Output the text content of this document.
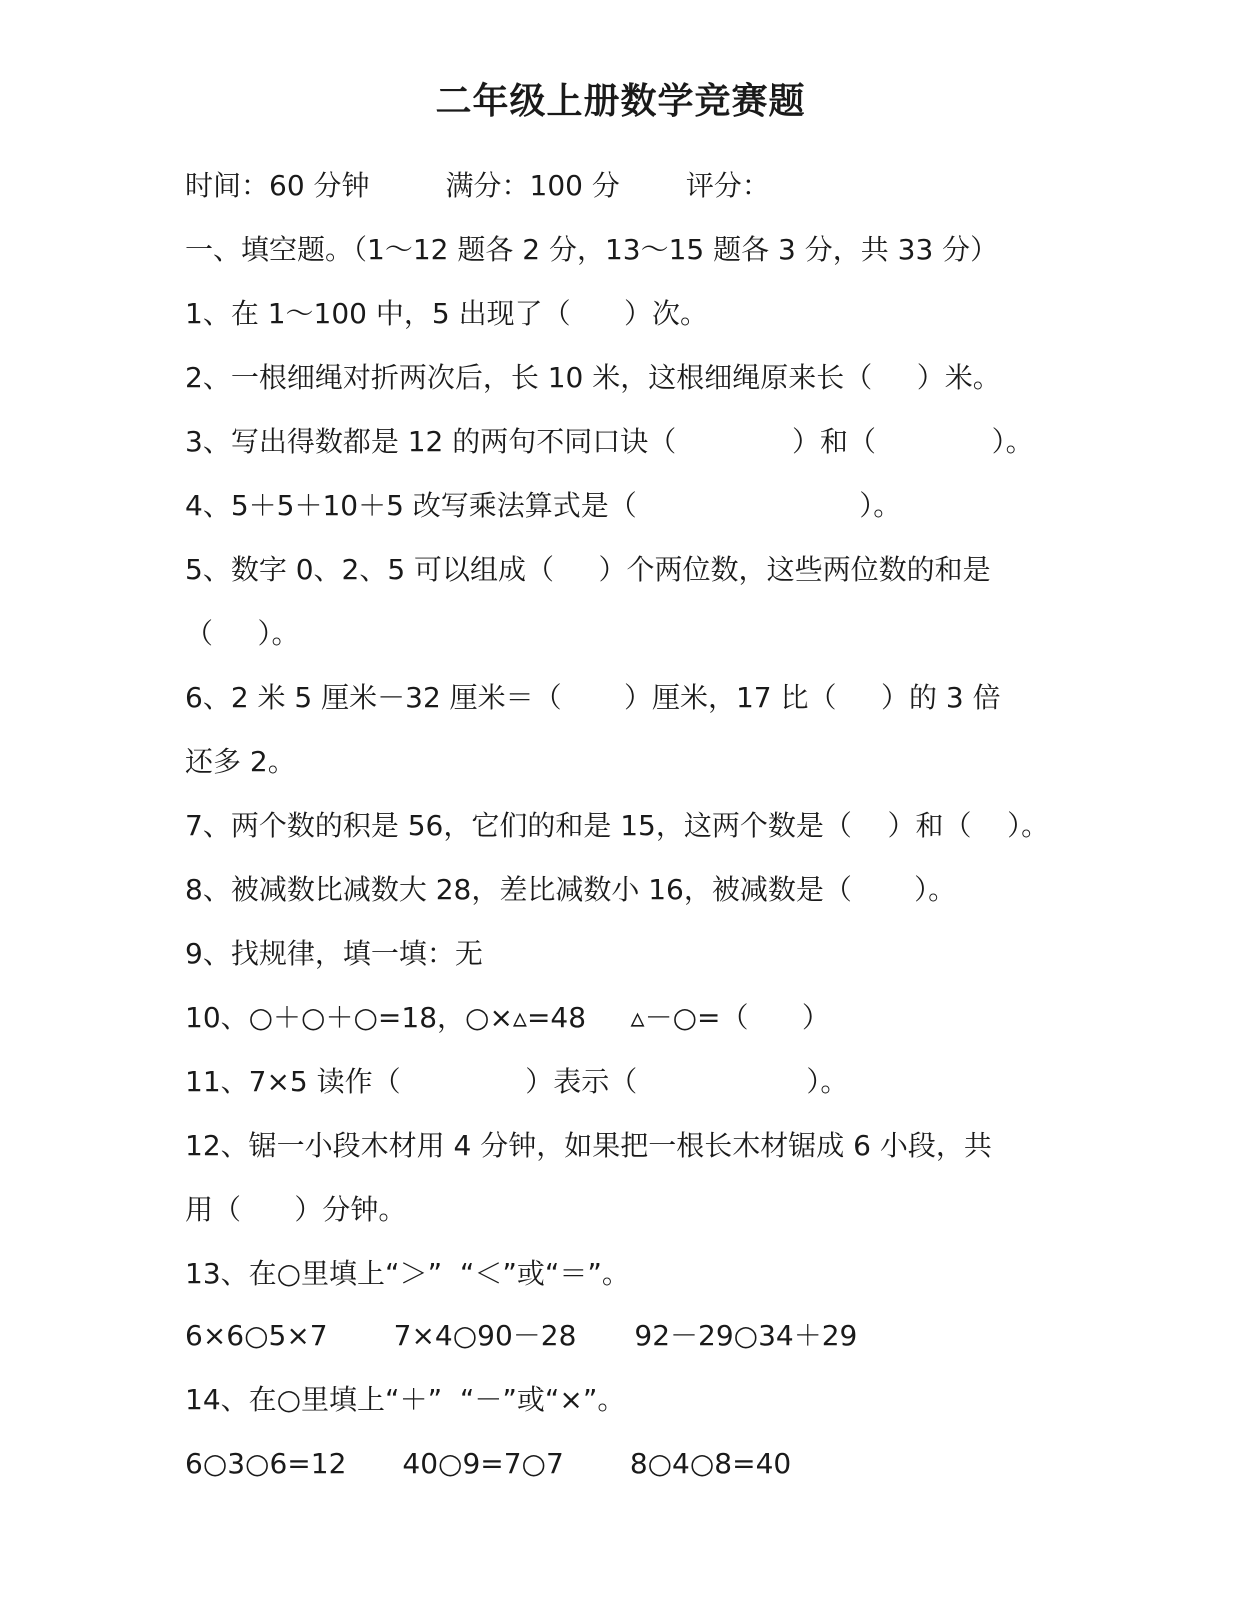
二年级上册数学竞赛题
时间：60 分钟	满分：100 分 评分：
一、填空题。（1～12 题各 2 分，13～15 题各 3 分，共 33 分）
1、在 1～100 中，5 出现了（      ）次。
2、一根细绳对折两次后，长 10 米，这根细绳原来长（     ）米。
3、写出得数都是 12 的两句不同口诀（             ）和（             ）。
4、5＋5＋10＋5 改写乘法算式是（                         ）。
5、数字 0、2、5 可以组成（     ）个两位数，这些两位数的和是
（     ）。
6、2 米 5 厘米－32 厘米＝（       ）厘米，17 比（     ）的 3 倍
还多 2。
7、两个数的积是 56，它们的和是 15，这两个数是（    ）和（    ）。
8、被减数比减数大 28，差比减数小 16，被减数是（       ）。
9、找规律，填一填：无
10、○＋○＋○=18，○×▵=48     ▵－○=（      ）
11、7×5 读作（              ）表示（                   ）。
12、锯一小段木材用 4 分钟，如果把一根长木材锯成 6 小段，共
用（      ）分钟。
13、在○里填上“＞”  “＜”或“＝”。
6×6○5×7 7×4○90－28 92－29○34＋29
14、在○里填上“＋”  “－”或“×”。
6○3○6=12 40○9=7○7 8○4○8=40
